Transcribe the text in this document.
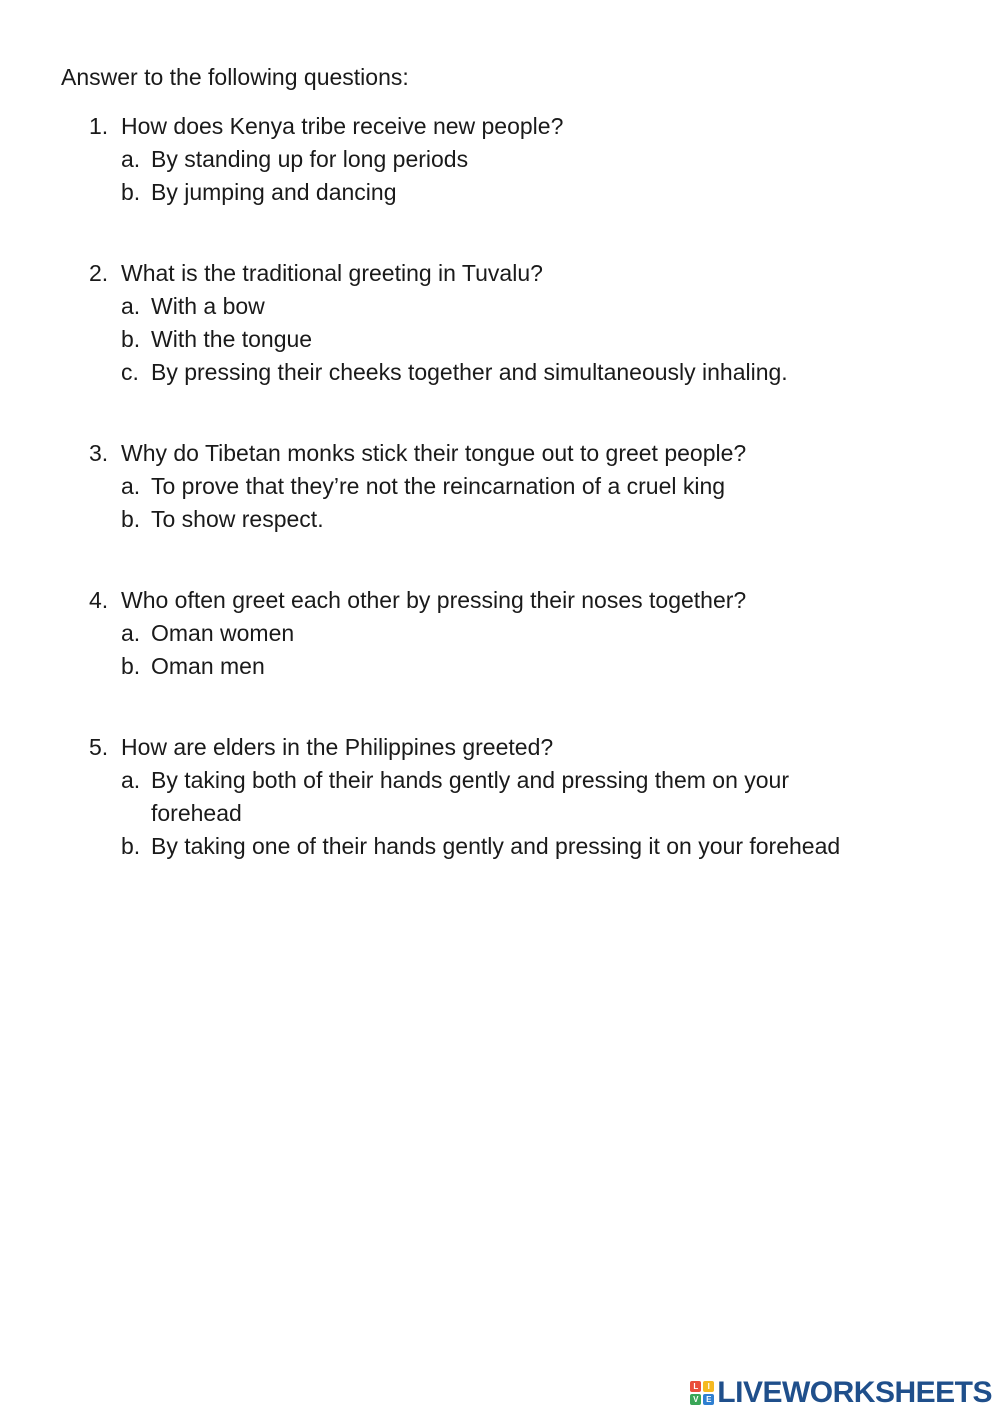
Answer to the following questions:

1. How does Kenya tribe receive new people?
a. By standing up for long periods
b. By jumping and dancing
2. What is the traditional greeting in Tuvalu?
a. With a bow
b. With the tongue
c. By pressing their cheeks together and simultaneously inhaling.
3. Why do Tibetan monks stick their tongue out to greet people?
a. To prove that they’re not the reincarnation of a cruel king
b. To show respect.
4. Who often greet each other by pressing their noses together?
a. Oman women
b. Oman men
5. How are elders in the Philippines greeted?
a. By taking both of their hands gently and pressing them on your forehead
b. By taking one of their hands gently and pressing it on your forehead
L	I
V E LIVEWORKSHEETS
